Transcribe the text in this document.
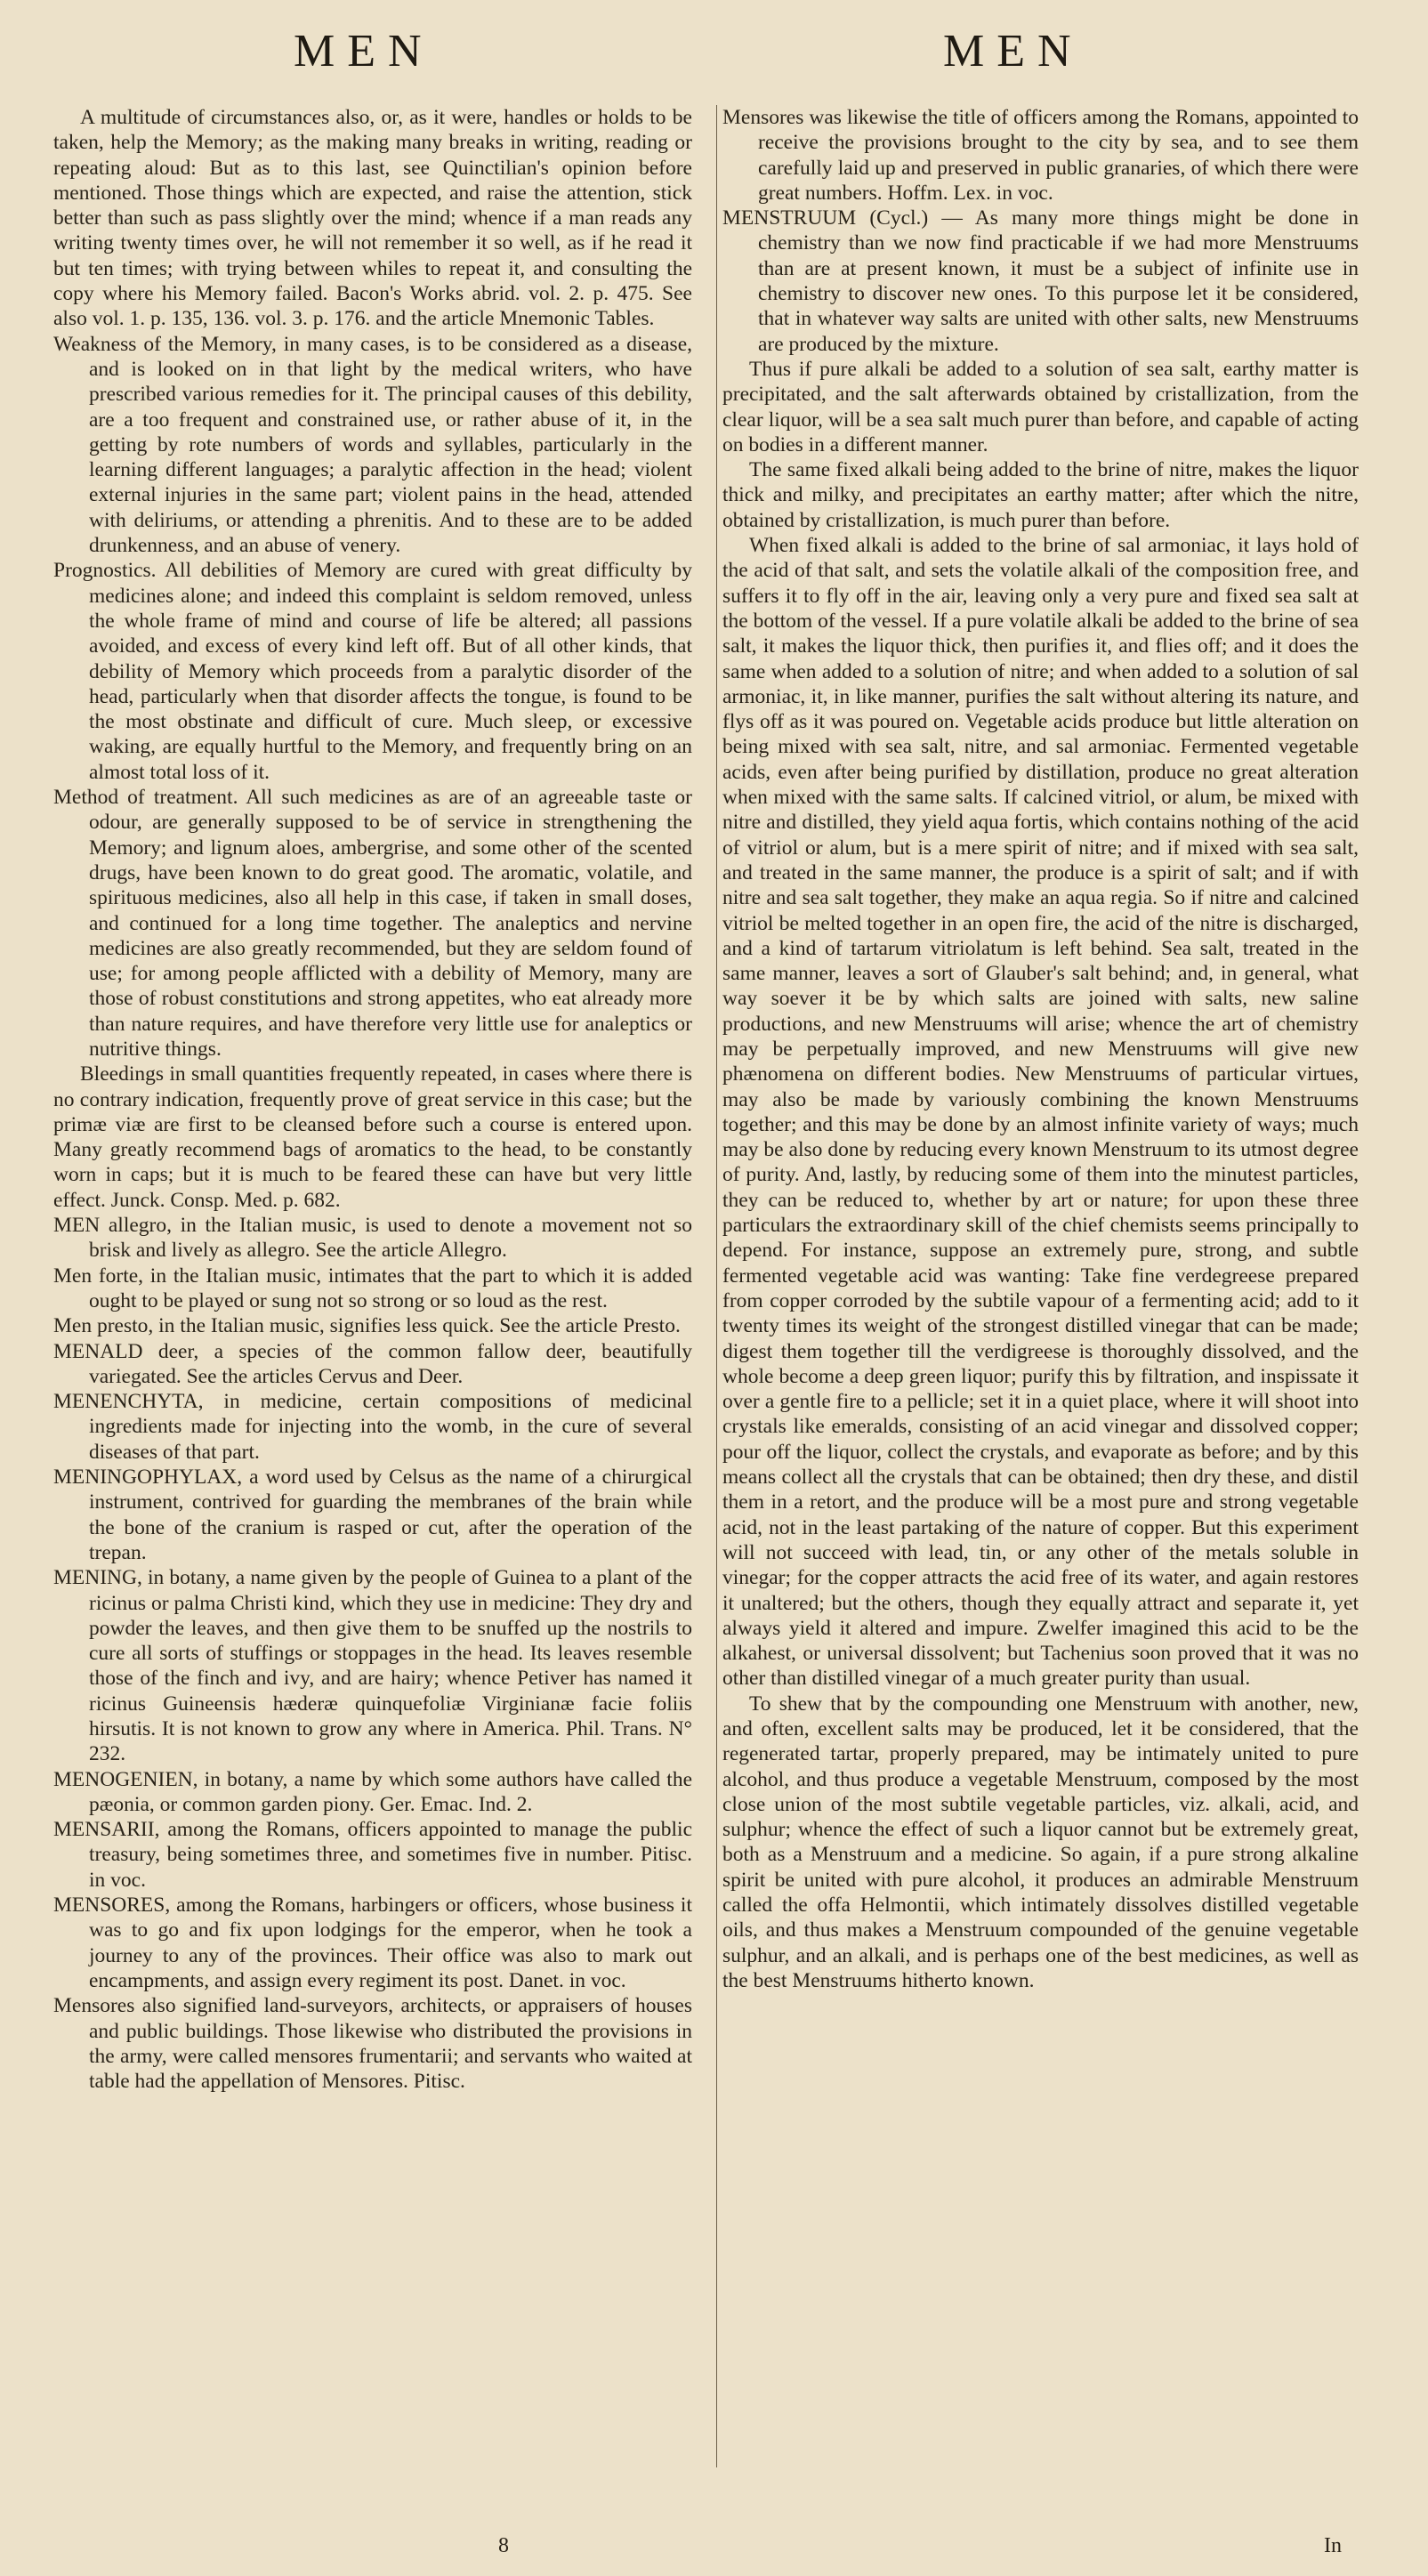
MEN	MEN

A multitude of circumstances also, or, as it were, handles or holds to be taken, help the Memory; as the making many breaks in writing, reading or repeating aloud: But as to this last, see Quinctilian's opinion before mentioned. Those things which are expected, and raise the attention, stick better than such as pass slightly over the mind; whence if a man reads any writing twenty times over, he will not remember it so well, as if he read it but ten times; with trying between whiles to repeat it, and consulting the copy where his Memory failed. Bacon's Works abrid. vol. 2. p. 475. See also vol. 1. p. 135, 136. vol. 3. p. 176. and the article Mnemonic Tables.

Weakness of the Memory, in many cases, is to be considered as a disease, and is looked on in that light by the medical writers, who have prescribed various remedies for it. The principal causes of this debility, are a too frequent and constrained use, or rather abuse of it, in the getting by rote numbers of words and syllables, particularly in the learning different languages; a paralytic affection in the head; violent external injuries in the same part; violent pains in the head, attended with deliriums, or attending a phrenitis. And to these are to be added drunkenness, and an abuse of venery.

Prognostics. All debilities of Memory are cured with great difficulty by medicines alone; and indeed this complaint is seldom removed, unless the whole frame of mind and course of life be altered; all passions avoided, and excess of every kind left off. But of all other kinds, that debility of Memory which proceeds from a paralytic disorder of the head, particularly when that disorder affects the tongue, is found to be the most obstinate and difficult of cure. Much sleep, or excessive waking, are equally hurtful to the Memory, and frequently bring on an almost total loss of it.

Method of treatment. All such medicines as are of an agreeable taste or odour, are generally supposed to be of service in strengthening the Memory; and lignum aloes, ambergrise, and some other of the scented drugs, have been known to do great good. The aromatic, volatile, and spirituous medicines, also all help in this case, if taken in small doses, and continued for a long time together. The analeptics and nervine medicines are also greatly recommended, but they are seldom found of use; for among people afflicted with a debility of Memory, many are those of robust constitutions and strong appetites, who eat already more than nature requires, and have therefore very little use for analeptics or nutritive things.

Bleedings in small quantities frequently repeated, in cases where there is no contrary indication, frequently prove of great service in this case; but the primæ viæ are first to be cleansed before such a course is entered upon. Many greatly recommend bags of aromatics to the head, to be constantly worn in caps; but it is much to be feared these can have but very little effect. Junck. Consp. Med. p. 682.

MEN allegro, in the Italian music, is used to denote a movement not so brisk and lively as allegro. See the article Allegro.

Men forte, in the Italian music, intimates that the part to which it is added ought to be played or sung not so strong or so loud as the rest.

Men presto, in the Italian music, signifies less quick. See the article Presto.

MENALD deer, a species of the common fallow deer, beautifully variegated. See the articles Cervus and Deer.

MENENCHYTA, in medicine, certain compositions of medicinal ingredients made for injecting into the womb, in the cure of several diseases of that part.

MENINGOPHYLAX, a word used by Celsus as the name of a chirurgical instrument, contrived for guarding the membranes of the brain while the bone of the cranium is rasped or cut, after the operation of the trepan.

MENING, in botany, a name given by the people of Guinea to a plant of the ricinus or palma Christi kind, which they use in medicine: They dry and powder the leaves, and then give them to be snuffed up the nostrils to cure all sorts of stuffings or stoppages in the head. Its leaves resemble those of the finch and ivy, and are hairy; whence Petiver has named it ricinus Guineensis hæderæ quinquefoliæ Virginianæ facie foliis hirsutis. It is not known to grow any where in America. Phil. Trans. N° 232.

MENOGENIEN, in botany, a name by which some authors have called the pæonia, or common garden piony. Ger. Emac. Ind. 2.

MENSARII, among the Romans, officers appointed to manage the public treasury, being sometimes three, and sometimes five in number. Pitisc. in voc.

MENSORES, among the Romans, harbingers or officers, whose business it was to go and fix upon lodgings for the emperor, when he took a journey to any of the provinces. Their office was also to mark out encampments, and assign every regiment its post. Danet. in voc.

Mensores also signified land-surveyors, architects, or appraisers of houses and public buildings. Those likewise who distributed the provisions in the army, were called mensores frumentarii; and servants who waited at table had the appellation of Mensores. Pitisc.

Mensores was likewise the title of officers among the Romans, appointed to receive the provisions brought to the city by sea, and to see them carefully laid up and preserved in public granaries, of which there were great numbers. Hoffm. Lex. in voc.

MENSTRUUM (Cycl.) — As many more things might be done in chemistry than we now find practicable if we had more Menstruums than are at present known, it must be a subject of infinite use in chemistry to discover new ones. To this purpose let it be considered, that in whatever way salts are united with other salts, new Menstruums are produced by the mixture.

Thus if pure alkali be added to a solution of sea salt, earthy matter is precipitated, and the salt afterwards obtained by cristallization, from the clear liquor, will be a sea salt much purer than before, and capable of acting on bodies in a different manner.

The same fixed alkali being added to the brine of nitre, makes the liquor thick and milky, and precipitates an earthy matter; after which the nitre, obtained by cristallization, is much purer than before.

When fixed alkali is added to the brine of sal armoniac, it lays hold of the acid of that salt, and sets the volatile alkali of the composition free, and suffers it to fly off in the air, leaving only a very pure and fixed sea salt at the bottom of the vessel. If a pure volatile alkali be added to the brine of sea salt, it makes the liquor thick, then purifies it, and flies off; and it does the same when added to a solution of nitre; and when added to a solution of sal armoniac, it, in like manner, purifies the salt without altering its nature, and flys off as it was poured on. Vegetable acids produce but little alteration on being mixed with sea salt, nitre, and sal armoniac. Fermented vegetable acids, even after being purified by distillation, produce no great alteration when mixed with the same salts. If calcined vitriol, or alum, be mixed with nitre and distilled, they yield aqua fortis, which contains nothing of the acid of vitriol or alum, but is a mere spirit of nitre; and if mixed with sea salt, and treated in the same manner, the produce is a spirit of salt; and if with nitre and sea salt together, they make an aqua regia. So if nitre and calcined vitriol be melted together in an open fire, the acid of the nitre is discharged, and a kind of tartarum vitriolatum is left behind. Sea salt, treated in the same manner, leaves a sort of Glauber's salt behind; and, in general, what way soever it be by which salts are joined with salts, new saline productions, and new Menstruums will arise; whence the art of chemistry may be perpetually improved, and new Menstruums will give new phænomena on different bodies. New Menstruums of particular virtues, may also be made by variously combining the known Menstruums together; and this may be done by an almost infinite variety of ways; much may be also done by reducing every known Menstruum to its utmost degree of purity. And, lastly, by reducing some of them into the minutest particles, they can be reduced to, whether by art or nature; for upon these three particulars the extraordinary skill of the chief chemists seems principally to depend. For instance, suppose an extremely pure, strong, and subtle fermented vegetable acid was wanting: Take fine verdegreese prepared from copper corroded by the subtile vapour of a fermenting acid; add to it twenty times its weight of the strongest distilled vinegar that can be made; digest them together till the verdigreese is thoroughly dissolved, and the whole become a deep green liquor; purify this by filtration, and inspissate it over a gentle fire to a pellicle; set it in a quiet place, where it will shoot into crystals like emeralds, consisting of an acid vinegar and dissolved copper; pour off the liquor, collect the crystals, and evaporate as before; and by this means collect all the crystals that can be obtained; then dry these, and distil them in a retort, and the produce will be a most pure and strong vegetable acid, not in the least partaking of the nature of copper. But this experiment will not succeed with lead, tin, or any other of the metals soluble in vinegar; for the copper attracts the acid free of its water, and again restores it unaltered; but the others, though they equally attract and separate it, yet always yield it altered and impure. Zwelfer imagined this acid to be the alkahest, or universal dissolvent; but Tachenius soon proved that it was no other than distilled vinegar of a much greater purity than usual.

To shew that by the compounding one Menstruum with another, new, and often, excellent salts may be produced, let it be considered, that the regenerated tartar, properly prepared, may be intimately united to pure alcohol, and thus produce a vegetable Menstruum, composed by the most close union of the most subtile vegetable particles, viz. alkali, acid, and sulphur; whence the effect of such a liquor cannot but be extremely great, both as a Menstruum and a medicine. So again, if a pure strong alkaline spirit be united with pure alcohol, it produces an admirable Menstruum called the offa Helmontii, which intimately dissolves distilled vegetable oils, and thus makes a Menstruum compounded of the genuine vegetable sulphur, and an alkali, and is perhaps one of the best medicines, as well as the best Menstruums hitherto known.

8	In
